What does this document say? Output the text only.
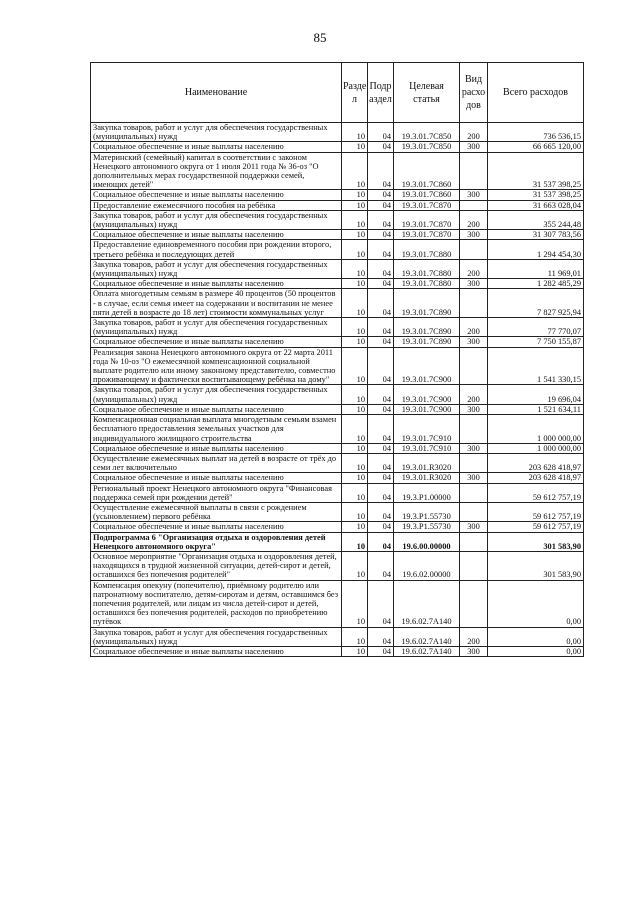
85
Наименование	Разде л	Подр аздел	Целевая статья	Вид расхо дов	Всего расходов
Закупка товаров, работ и услуг для обеспечения государственных (муниципальных) нужд	10	04	19.3.01.7С850	200	736 536,15
Социальное обеспечение и иные выплаты населению	10	04	19.3.01.7С850	300	66 665 120,00
Материнский (семейный) капитал в соответствии с законом Ненецкого автономного округа от 1 июля 2011 года № 36-оз "О дополнительных мерах государственной поддержки семей, имеющих детей"	10	04	19.3.01.7С860		31 537 398,25
Социальное обеспечение и иные выплаты населению	10	04	19.3.01.7С860	300	31 537 398,25
Предоставление ежемесячного пособия на ребёнка	10	04	19.3.01.7С870		31 663 028,04
Закупка товаров, работ и услуг для обеспечения государственных (муниципальных) нужд	10	04	19.3.01.7С870	200	355 244,48
Социальное обеспечение и иные выплаты населению	10	04	19.3.01.7С870	300	31 307 783,56
Предоставление единовременного пособия при рождении второго, третьего ребёнка и последующих детей	10	04	19.3.01.7С880		1 294 454,30
Закупка товаров, работ и услуг для обеспечения государственных (муниципальных) нужд	10	04	19.3.01.7С880	200	11 969,01
Социальное обеспечение и иные выплаты населению	10	04	19.3.01.7С880	300	1 282 485,29
Оплата многодетным семьям в размере 40 процентов (50 процентов - в случае, если семья имеет на содержании и воспитании не менее пяти детей в возрасте до 18 лет) стоимости коммунальных услуг	10	04	19.3.01.7С890		7 827 925,94
Закупка товаров, работ и услуг для обеспечения государственных (муниципальных) нужд	10	04	19.3.01.7С890	200	77 770,07
Социальное обеспечение и иные выплаты населению	10	04	19.3.01.7С890	300	7 750 155,87
Реализация закона Ненецкого автономного округа от 22 марта 2011 года № 10-оз "О ежемесячной компенсационной социальной выплате родителю или иному законному представителю, совместно проживающему и фактически воспитывающему ребёнка на дому"	10	04	19.3.01.7С900		1 541 330,15
Закупка товаров, работ и услуг для обеспечения государственных (муниципальных) нужд	10	04	19.3.01.7С900	200	19 696,04
Социальное обеспечение и иные выплаты населению	10	04	19.3.01.7С900	300	1 521 634,11
Компенсационная социальная выплата многодетным семьям взамен бесплатного предоставления земельных участков для индивидуального жилищного строительства	10	04	19.3.01.7С910		1 000 000,00
Социальное обеспечение и иные выплаты населению	10	04	19.3.01.7С910	300	1 000 000,00
Осуществление ежемесячных выплат на детей в возрасте от трёх до семи лет включительно	10	04	19.3.01.R3020		203 628 418,97
Социальное обеспечение и иные выплаты населению	10	04	19.3.01.R3020	300	203 628 418,97
Региональный проект Ненецкого автономного округа "Финансовая поддержка семей при рождении детей"	10	04	19.3.Р1.00000		59 612 757,19
Осуществление ежемесячной выплаты в связи с рождением (усыновлением) первого ребёнка	10	04	19.3.Р1.55730		59 612 757,19
Социальное обеспечение и иные выплаты населению	10	04	19.3.Р1.55730	300	59 612 757,19
Подпрограмма 6 "Организация отдыха и оздоровления детей Ненецкого автономного округа"	10	04	19.6.00.00000		301 583,90
Основное мероприятие "Организация отдыха и оздоровления детей, находящихся в трудной жизненной ситуации, детей-сирот и детей, оставшихся без попечения родителей"	10	04	19.6.02.00000		301 583,90
Компенсация опекуну (попечителю), приёмному родителю или патронатному воспитателю, детям-сиротам и детям, оставшимся без попечения родителей, или лицам из числа детей-сирот и детей, оставшихся без попечения родителей, расходов по приобретению путёвок	10	04	19.6.02.7А140		0,00
Закупка товаров, работ и услуг для обеспечения государственных (муниципальных) нужд	10	04	19.6.02.7А140	200	0,00
Социальное обеспечение и иные выплаты населению	10	04	19.6.02.7А140	300	0,00
